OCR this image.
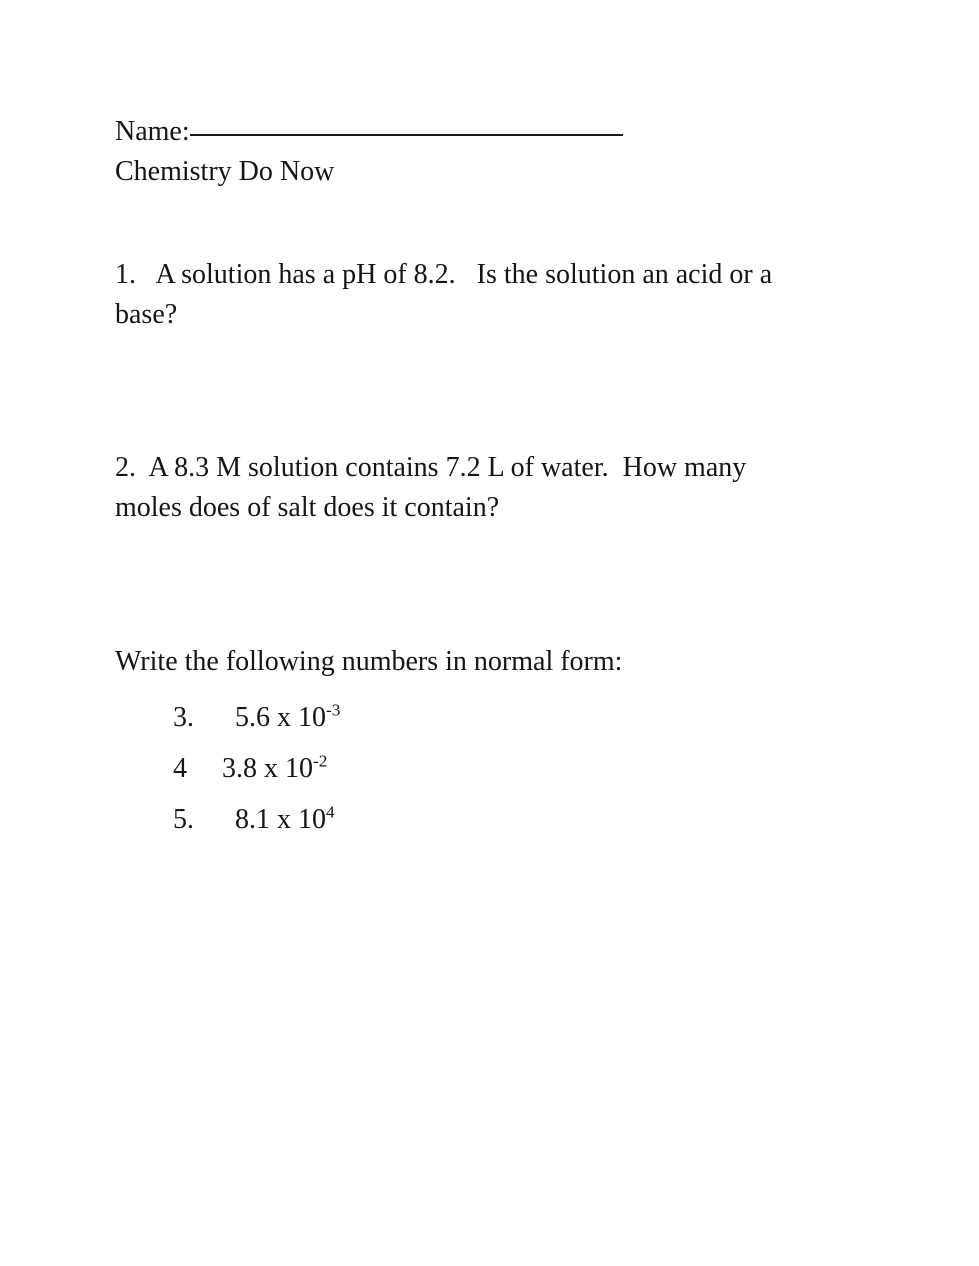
Name:
Chemistry Do Now
1.   A solution has a pH of 8.2.   Is the solution an acid or a
base?
2.  A 8.3 M solution contains 7.2 L of water.  How many
moles does of salt does it contain?
Write the following numbers in normal form:
3.	5.6 x $10^{-3}$
4	3.8 x $10^{-2}$
5.	8.1 x $10^4$
